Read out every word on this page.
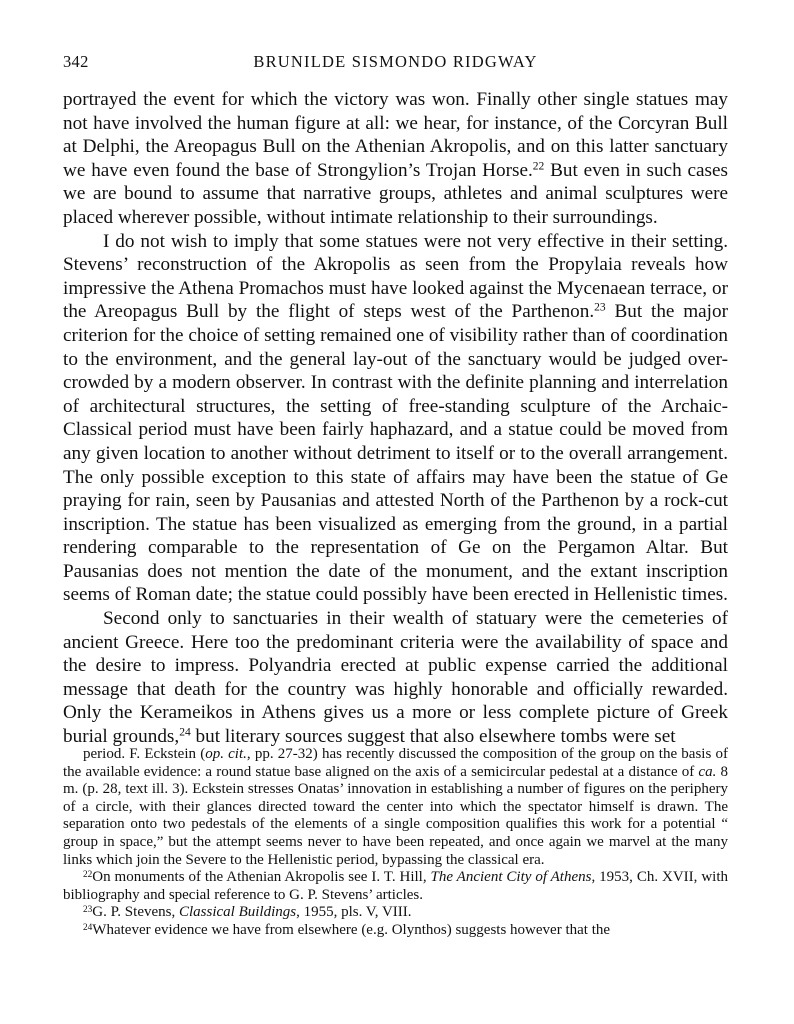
342	BRUNILDE SISMONDO RIDGWAY

portrayed the event for which the victory was won. Finally other single statues may not have involved the human figure at all: we hear, for instance, of the Corcyran Bull at Delphi, the Areopagus Bull on the Athenian Akropolis, and on this latter sanctuary we have even found the base of Strongylion’s Trojan Horse.$^{22}$ But even in such cases we are bound to assume that narrative groups, athletes and animal sculptures were placed wherever possible, without intimate relationship to their surroundings.

I do not wish to imply that some statues were not very effective in their setting. Stevens’ reconstruction of the Akropolis as seen from the Propylaia reveals how impressive the Athena Promachos must have looked against the Mycenaean terrace, or the Areopagus Bull by the flight of steps west of the Parthenon.$^{23}$ But the major criterion for the choice of setting remained one of visibility rather than of coordination to the environment, and the general lay-out of the sanctuary would be judged over-crowded by a modern observer. In contrast with the definite planning and interrelation of architectural structures, the setting of free-standing sculpture of the Archaic-Classical period must have been fairly haphazard, and a statue could be moved from any given location to another without detriment to itself or to the overall arrangement. The only possible exception to this state of affairs may have been the statue of Ge praying for rain, seen by Pausanias and attested North of the Parthenon by a rock-cut inscription. The statue has been visualized as emerging from the ground, in a partial rendering comparable to the representation of Ge on the Pergamon Altar. But Pausanias does not mention the date of the monument, and the extant inscription seems of Roman date; the statue could possibly have been erected in Hellenistic times.

Second only to sanctuaries in their wealth of statuary were the cemeteries of ancient Greece. Here too the predominant criteria were the availability of space and the desire to impress. Polyandria erected at public expense carried the additional message that death for the country was highly honorable and officially rewarded. Only the Kerameikos in Athens gives us a more or less complete picture of Greek burial grounds,$^{24}$ but literary sources suggest that also elsewhere tombs were set

period. F. Eckstein (op. cit., pp. 27-32) has recently discussed the composition of the group on the basis of the available evidence: a round statue base aligned on the axis of a semicircular pedestal at a distance of ca. 8 m. (p. 28, text ill. 3). Eckstein stresses Onatas’ innovation in establishing a number of figures on the periphery of a circle, with their glances directed toward the center into which the spectator himself is drawn. The separation onto two pedestals of the elements of a single composition qualifies this work for a potential “ group in space,” but the attempt seems never to have been repeated, and once again we marvel at the many links which join the Severe to the Hellenistic period, bypassing the classical era.

$^{22}$On monuments of the Athenian Akropolis see I. T. Hill, The Ancient City of Athens, 1953, Ch. XVII, with bibliography and special reference to G. P. Stevens’ articles.

$^{23}$G. P. Stevens, Classical Buildings, 1955, pls. V, VIII.

$^{24}$Whatever evidence we have from elsewhere (e.g. Olynthos) suggests however that the
